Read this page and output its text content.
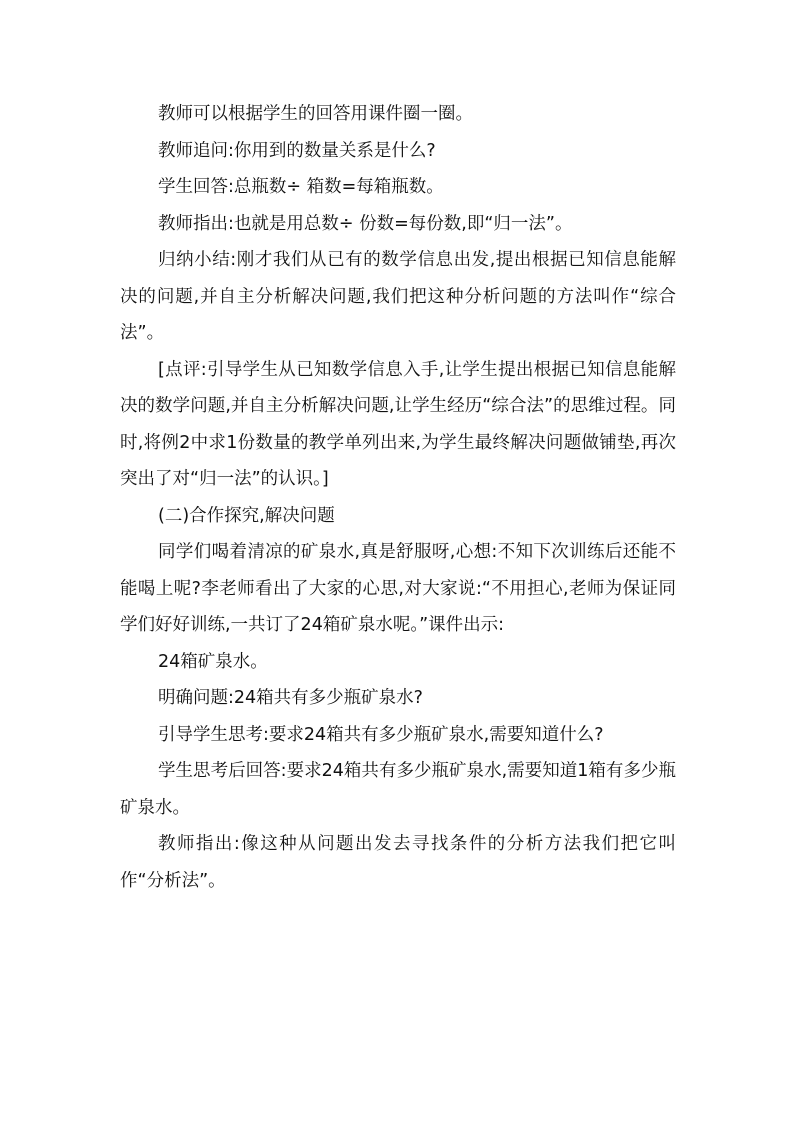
教师可以根据学生的回答用课件圈一圈。

教师追问:你用到的数量关系是什么?

学生回答:总瓶数÷ 箱数=每箱瓶数。

教师指出:也就是用总数÷ 份数=每份数,即“归一法”。

归纳小结:刚才我们从已有的数学信息出发,提出根据已知信息能解决的问题,并自主分析解决问题,我们把这种分析问题的方法叫作“综合法”。

[点评:引导学生从已知数学信息入手,让学生提出根据已知信息能解决的数学问题,并自主分析解决问题,让学生经历“综合法”的思维过程。同时,将例2中求1份数量的教学单列出来,为学生最终解决问题做铺垫,再次突出了对“归一法”的认识。]

(二)合作探究,解决问题

同学们喝着清凉的矿泉水,真是舒服呀,心想:不知下次训练后还能不能喝上呢?李老师看出了大家的心思,对大家说:“不用担心,老师为保证同学们好好训练,一共订了24箱矿泉水呢。”课件出示:

24箱矿泉水。

明确问题:24箱共有多少瓶矿泉水?

引导学生思考:要求24箱共有多少瓶矿泉水,需要知道什么?

学生思考后回答:要求24箱共有多少瓶矿泉水,需要知道1箱有多少瓶矿泉水。

教师指出:像这种从问题出发去寻找条件的分析方法我们把它叫作“分析法”。
